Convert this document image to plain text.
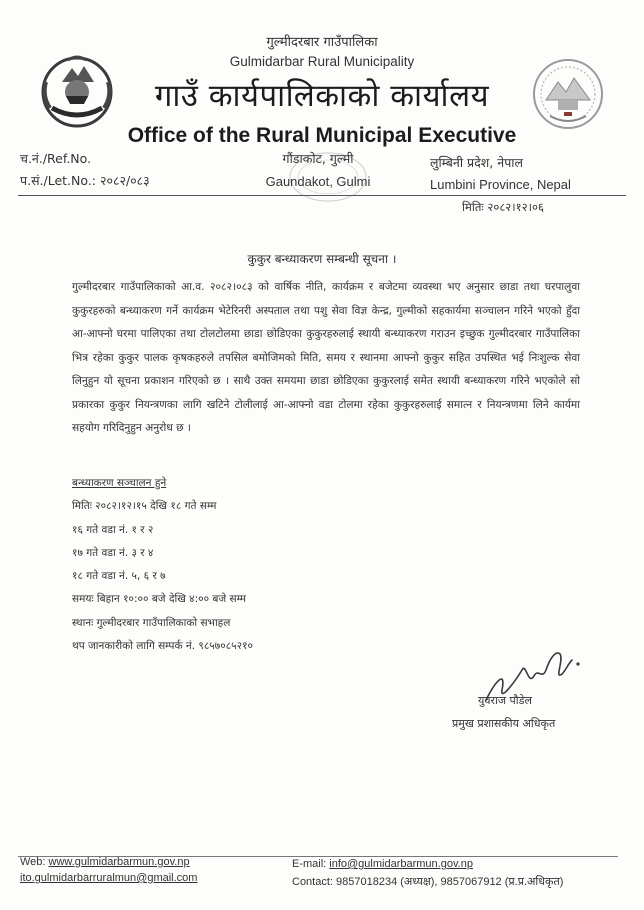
गुल्मीदरबार गाउँपालिका
Gulmidarbar Rural Municipality
गाउँ कार्यपालिकाको कार्यालय
Office of the Rural Municipal Executive
च.नं./Ref.No.
प.सं./Let.No.: २०८२/०८३
गौंडाकोट, गुल्मी
Gaundakot, Gulmi
लुम्बिनी प्रदेश, नेपाल
Lumbini Province, Nepal
मितिः २०८२।१२।०६
कुकुर बन्ध्याकरण सम्बन्धी सूचना ।
गुल्मीदरबार गाउँपालिकाको आ.व. २०८२।०८३ को वार्षिक नीति, कार्यक्रम र बजेटमा व्यवस्था भए अनुसार छाडा तथा घरपालुवा कुकुरहरुको बन्ध्याकरण गर्ने कार्यक्रम भेटेरिनरी अस्पताल तथा पशु सेवा विज्ञ केन्द्र, गुल्मीको सहकार्यमा सञ्चालन गरिने भएको हुँदा आ-आफ्नो घरमा पालिएका तथा टोलटोलमा छाडा छोडिएका कुकुरहरुलाई स्थायी बन्ध्याकरण गराउन इच्छुक गुल्मीदरबार गाउँपालिका भित्र रहेका कुकुर पालक कृषकहरुले तपसिल बमोजिमको मिति, समय र स्थानमा आफ्नो कुकुर सहित उपस्थित भई निःशुल्क सेवा लिनुहुन यो सूचना प्रकाशन गरिएको छ । साथै उक्त समयमा छाडा छोडिएका कुकुरलाई समेत स्थायी बन्ध्याकरण गरिने भएकोले सो प्रकारका कुकुर नियन्त्रणका लागि खटिने टोलीलाई आ-आफ्नो वडा टोलमा रहेका कुकुरहरुलाई समात्न र नियन्त्रणमा लिने कार्यमा सहयोग गरिदिनुहुन अनुरोध छ ।
बन्ध्याकरण सञ्चालन हुने
मितिः २०८२।१२।१५ देखि १८ गते सम्म
१६ गते वडा नं. १ र २
१७ गते वडा नं. ३ र ४
१८ गते वडा नं. ५, ६ र ७
समयः बिहान १०:०० बजे देखि ४:०० बजे सम्म
स्थानः गुल्मीदरबार गाउँपालिकाको सभाहल
थप जानकारीको लागि सम्पर्क नं. ९८५७०८५२१०
युवराज पौडेल
प्रमुख प्रशासकीय अधिकृत
Web: www.gulmidarbarmun.gov.np
ito.gulmidarbarruralmun@gmail.com
E-mail: info@gulmidarbarmun.gov.np
Contact: 9857018234 (अध्यक्ष), 9857067912 (प्र.प्र.अधिकृत)
